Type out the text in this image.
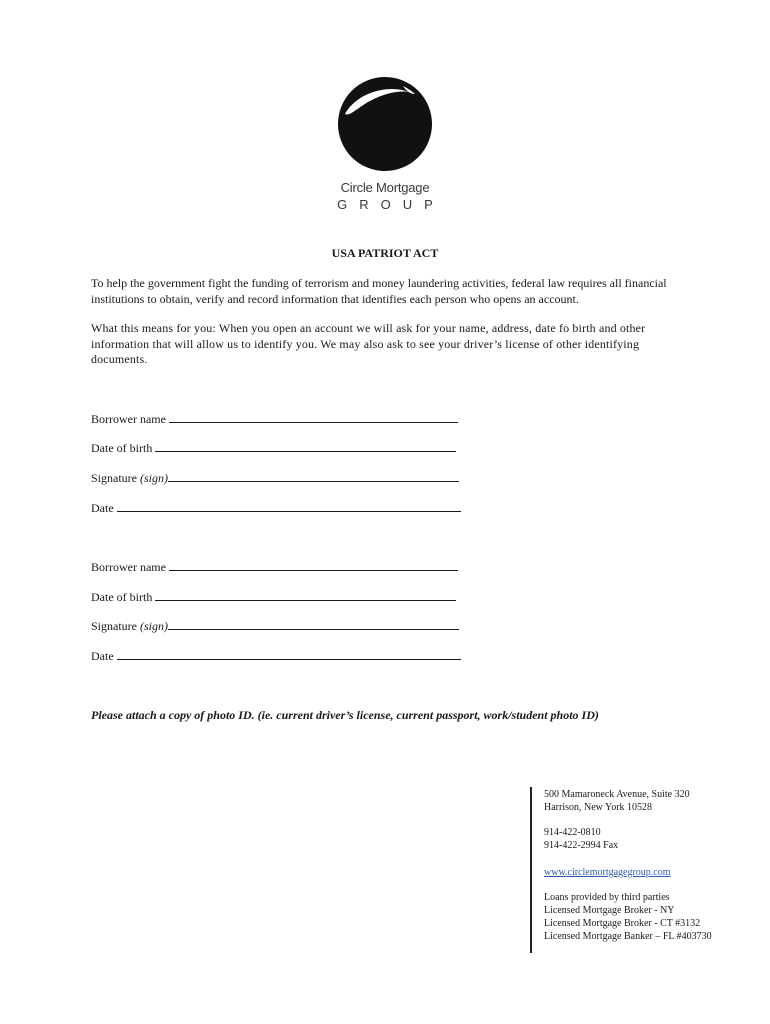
Circle Mortgage
GROUP
USA PATRIOT ACT

To help the government fight the funding of terrorism and money laundering activities, federal law requires all financial institutions to obtain, verify and record information that identifies each person who opens an account.

What this means for you: When you open an account we will ask for your name, address, date fo birth and other information that will allow us to identify you. We may also ask to see your driver’s license of other identifying documents.

Borrower name
Date of birth
Signature (sign)
Date
Borrower name
Date of birth
Signature (sign)
Date
Please attach a copy of photo ID. (ie. current driver’s license, current passport, work/student photo ID)
500 Mamaroneck Avenue, Suite 320
Harrison, New York 10528
914-422-0810
914-422-2994 Fax
www.circlemortgagegroup.com
Loans provided by third parties
Licensed Mortgage Broker - NY
Licensed Mortgage Broker - CT #3132
Licensed Mortgage Banker – FL #403730
